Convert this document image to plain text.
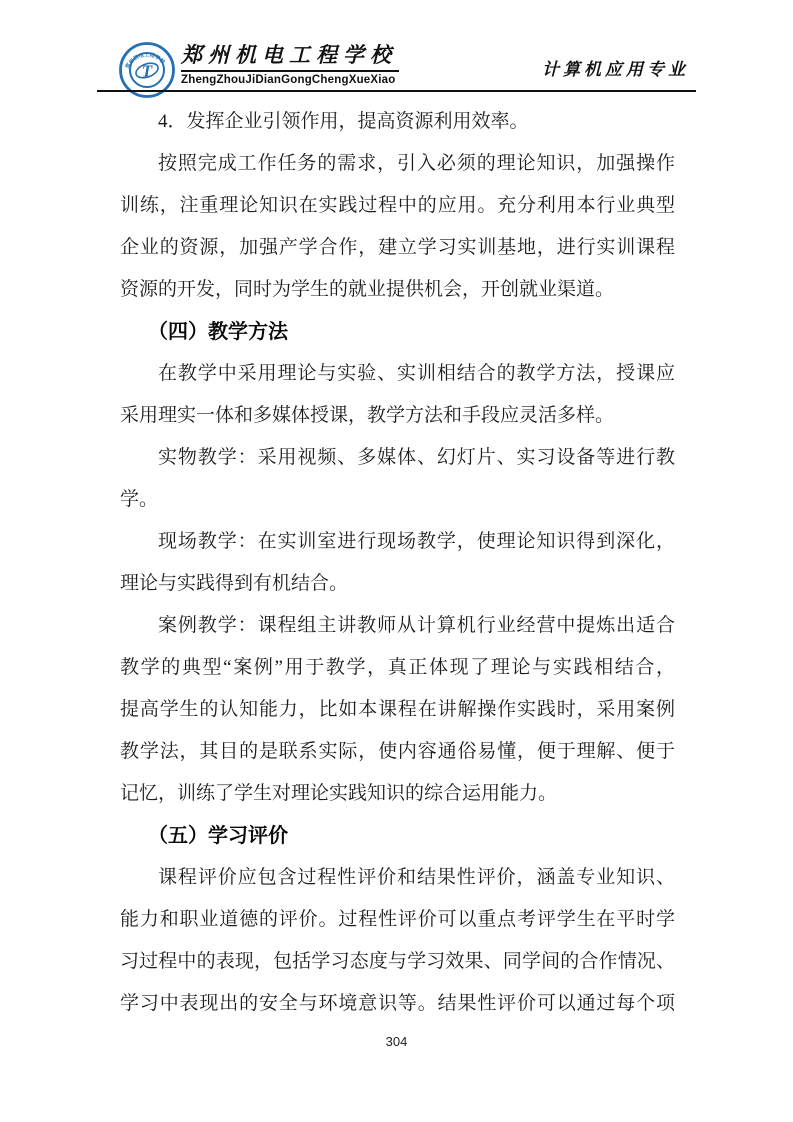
郑州机电工程学校
T
郑州机电工程学校
ZhengZhouJiDianGongChengXueXiao
计算机应用专业
4．发挥企业引领作用，提高资源利用效率。
按照完成工作任务的需求，引入必须的理论知识，加强操作
训练，注重理论知识在实践过程中的应用。充分利用本行业典型
企业的资源，加强产学合作，建立学习实训基地，进行实训课程
资源的开发，同时为学生的就业提供机会，开创就业渠道。
（四）教学方法
在教学中采用理论与实验、实训相结合的教学方法，授课应
采用理实一体和多媒体授课，教学方法和手段应灵活多样。
实物教学：采用视频、多媒体、幻灯片、实习设备等进行教
学。
现场教学：在实训室进行现场教学，使理论知识得到深化，
理论与实践得到有机结合。
案例教学：课程组主讲教师从计算机行业经营中提炼出适合
教学的典型“案例”用于教学，真正体现了理论与实践相结合，
提高学生的认知能力，比如本课程在讲解操作实践时，采用案例
教学法，其目的是联系实际，使内容通俗易懂，便于理解、便于
记忆，训练了学生对理论实践知识的综合运用能力。
（五）学习评价
课程评价应包含过程性评价和结果性评价，涵盖专业知识、
能力和职业道德的评价。过程性评价可以重点考评学生在平时学
习过程中的表现，包括学习态度与学习效果、同学间的合作情况、
学习中表现出的安全与环境意识等。结果性评价可以通过每个项
304
